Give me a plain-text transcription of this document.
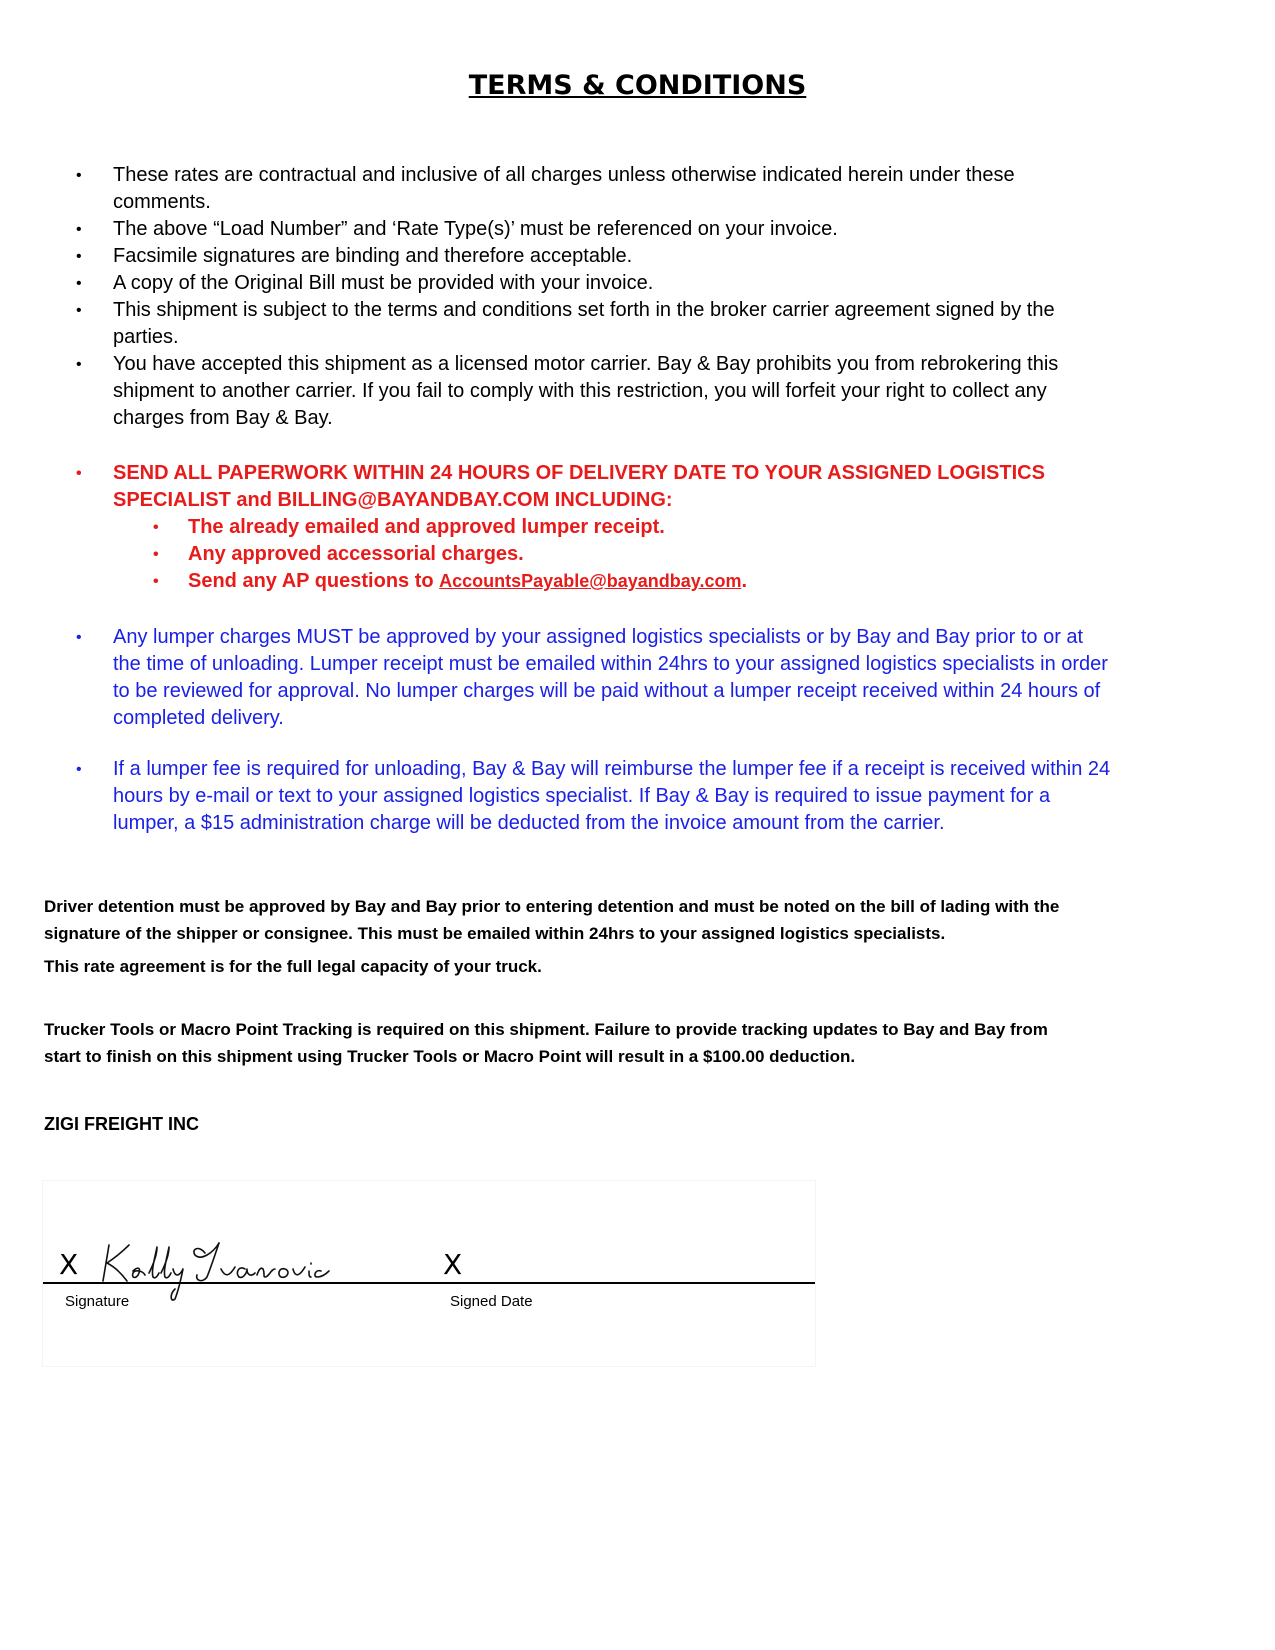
TERMS & CONDITIONS
• These rates are contractual and inclusive of all charges unless otherwise indicated herein under these comments.
• The above “Load Number” and ‘Rate Type(s)’ must be referenced on your invoice.
• Facsimile signatures are binding and therefore acceptable.
• A copy of the Original Bill must be provided with your invoice.
• This shipment is subject to the terms and conditions set forth in the broker carrier agreement signed by the parties.
• You have accepted this shipment as a licensed motor carrier. Bay & Bay prohibits you from rebrokering this shipment to another carrier. If you fail to comply with this restriction, you will forfeit your right to collect any charges from Bay & Bay.
• SEND ALL PAPERWORK WITHIN 24 HOURS OF DELIVERY DATE TO YOUR ASSIGNED LOGISTICS SPECIALIST and BILLING@BAYANDBAY.COM INCLUDING:
• The already emailed and approved lumper receipt.
• Any approved accessorial charges.
• Send any AP questions to AccountsPayable@bayandbay.com.
• Any lumper charges MUST be approved by your assigned logistics specialists or by Bay and Bay prior to or at the time of unloading. Lumper receipt must be emailed within 24hrs to your assigned logistics specialists in order to be reviewed for approval. No lumper charges will be paid without a lumper receipt received within 24 hours of completed delivery.
• If a lumper fee is required for unloading, Bay & Bay will reimburse the lumper fee if a receipt is received within 24 hours by e-mail or text to your assigned logistics specialist. If Bay & Bay is required to issue payment for a lumper, a $15 administration charge will be deducted from the invoice amount from the carrier.
Driver detention must be approved by Bay and Bay prior to entering detention and must be noted on the bill of lading with the signature of the shipper or consignee. This must be emailed within 24hrs to your assigned logistics specialists.
This rate agreement is for the full legal capacity of your truck.
Trucker Tools or Macro Point Tracking is required on this shipment. Failure to provide tracking updates to Bay and Bay from start to finish on this shipment using Trucker Tools or Macro Point will result in a $100.00 deduction.
ZIGI FREIGHT INC
X	X
Signature	Signed Date
